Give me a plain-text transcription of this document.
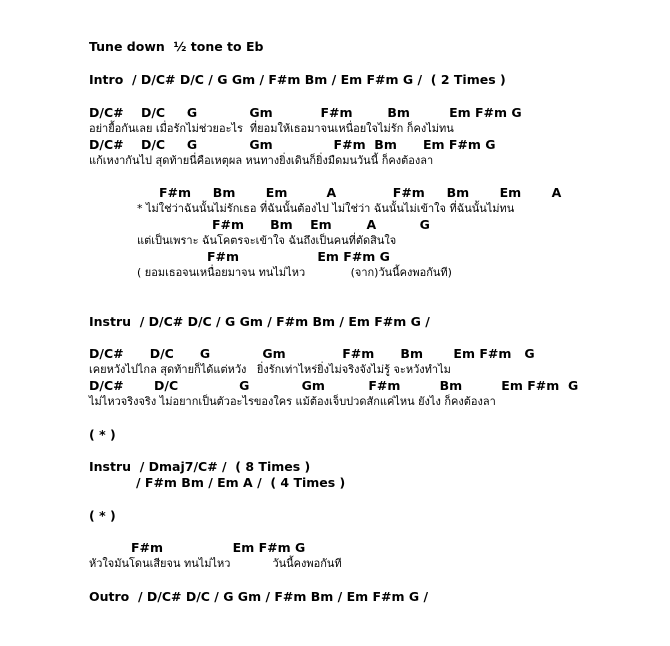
Tune down  ½ tone to Eb
Intro  / D/C# D/C / G Gm / F#m Bm / Em F#m G /  ( 2 Times )
D/C#    D/C     G            Gm           F#m        Bm         Em F#m G
อย่ายื้อกันเลย เมื่อรักไม่ช่วยอะไร  ที่ยอมให้เธอมาจนเหนื่อยใจไม่รัก ก็คงไม่ทน
D/C#    D/C     G            Gm              F#m  Bm      Em F#m G
แก้เหงากันไป สุดท้ายนี่คือเหตุผล หนทางยิ่งเดินก็ยิ่งมืดมนวันนี้ ก็คงต้องลา
F#m     Bm       Em         A             F#m     Bm       Em       A
* ไม่ใช่ว่าฉันนั้นไม่รักเธอ ที่ฉันนั้นต้องไป ไม่ใช่ว่า ฉันนั้นไม่เข้าใจ ที่ฉันนั้นไม่ทน
F#m      Bm    Em        A          G
แต่เป็นเพราะ ฉันโคตรจะเข้าใจ ฉันถึงเป็นคนที่ตัดสินใจ
F#m                  Em F#m G
( ยอมเธอจนเหนื่อยมาจน ทนไม่ไหว             (จาก)วันนี้คงพอกันที)
Instru  / D/C# D/C / G Gm / F#m Bm / Em F#m G /
D/C#      D/C      G            Gm             F#m      Bm       Em F#m   G
เคยหวังไปไกล สุดท้ายก็ได้แต่หวัง   ยิ่งรักเท่าไหร่ยิ่งไม่จริงจังไม่รู้ จะหวังทำไม
D/C#       D/C              G            Gm          F#m         Bm         Em F#m  G
ไม่ไหวจริงจริง ไม่อยากเป็นตัวอะไรของใคร แม้ต้องเจ็บปวดสักแค่ไหน ยังไง ก็คงต้องลา
( * )
Instru  / Dmaj7/C# /  ( 8 Times )
/ F#m Bm / Em A /  ( 4 Times )
( * )
F#m                Em F#m G
หัวใจมันโดนเสียจน ทนไม่ไหว            วันนี้คงพอกันที
Outro  / D/C# D/C / G Gm / F#m Bm / Em F#m G /
